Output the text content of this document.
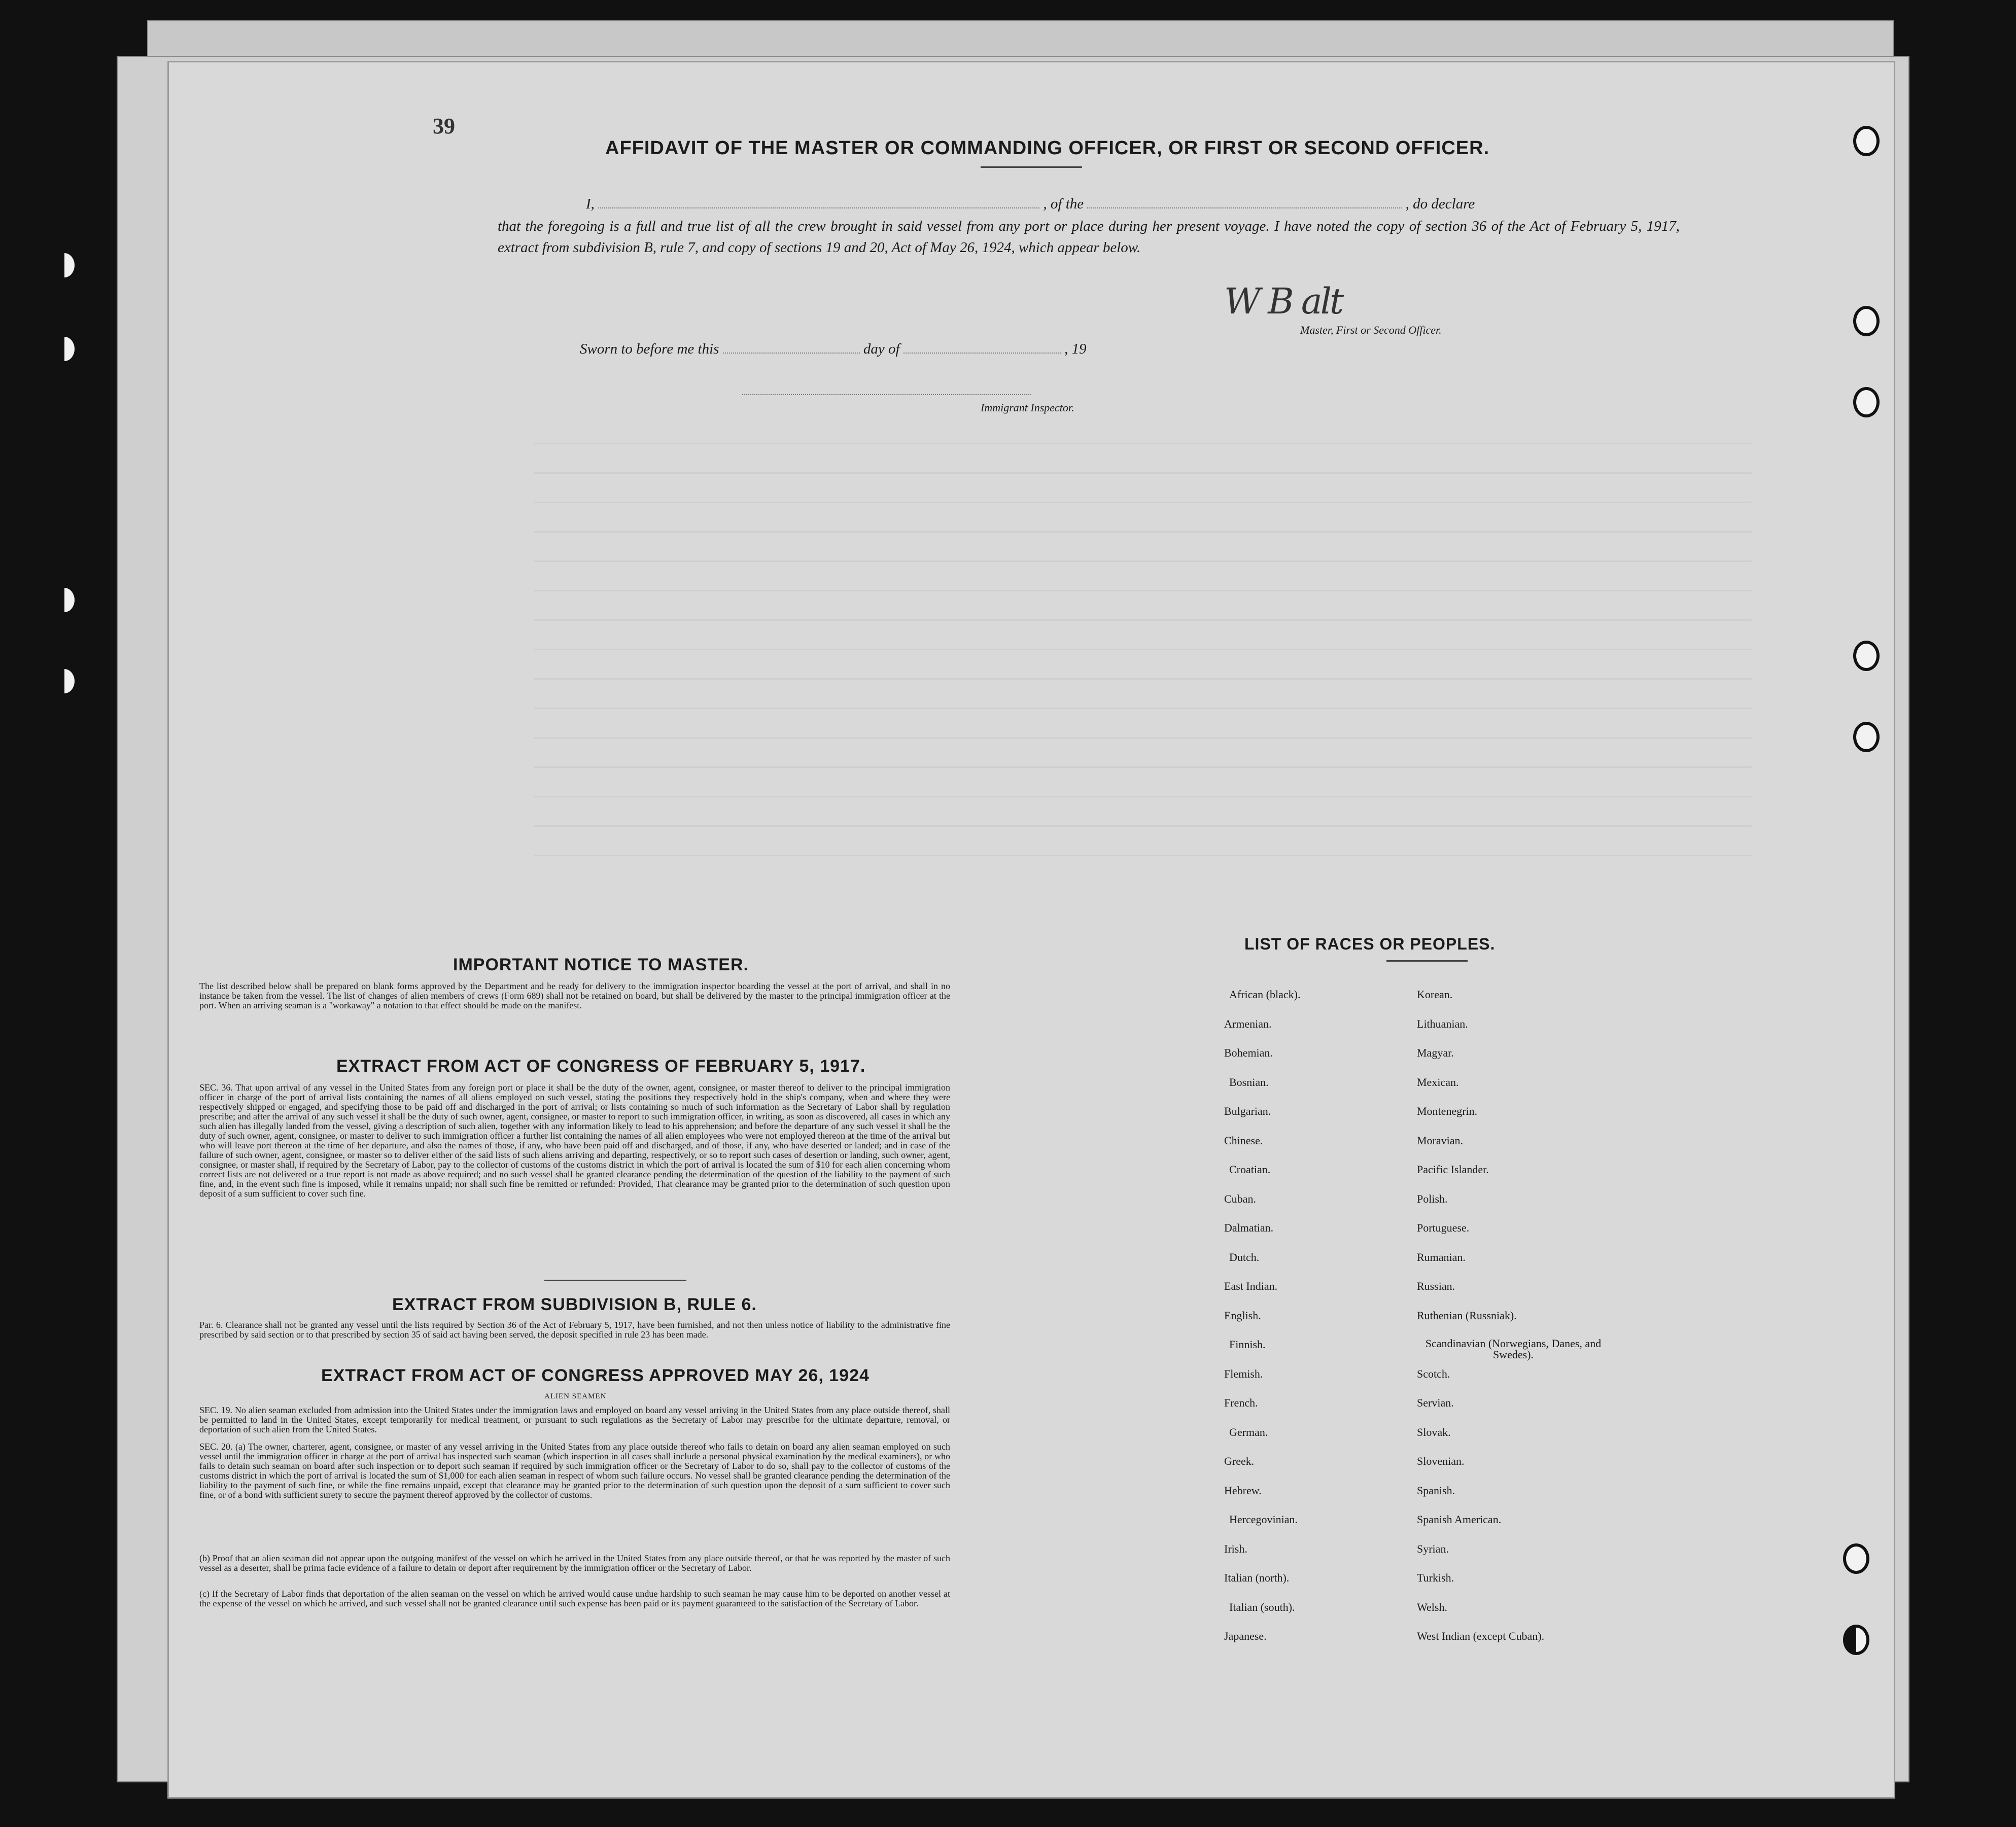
39
AFFIDAVIT OF THE MASTER OR COMMANDING OFFICER, OR FIRST OR SECOND OFFICER.
I,	, of the	, do declare
that the foregoing is a full and true list of all the crew brought in said vessel from any port or place during her present voyage. I have noted the copy of section 36 of the Act of February 5, 1917, extract from subdivision B, rule 7, and copy of sections 19 and 20, Act of May 26, 1924, which appear below.
W B alt
Master, First or Second Officer.
Sworn to before me this	day of	, 19
Immigrant Inspector.
IMPORTANT NOTICE TO MASTER.
The list described below shall be prepared on blank forms approved by the Department and be ready for delivery to the immigration inspector boarding the vessel at the port of arrival, and shall in no instance be taken from the vessel. The list of changes of alien members of crews (Form 689) shall not be retained on board, but shall be delivered by the master to the principal immigration officer at the port. When an arriving seaman is a "workaway" a notation to that effect should be made on the manifest.
EXTRACT FROM ACT OF CONGRESS OF FEBRUARY 5, 1917.
SEC. 36. That upon arrival of any vessel in the United States from any foreign port or place it shall be the duty of the owner, agent, consignee, or master thereof to deliver to the principal immigration officer in charge of the port of arrival lists containing the names of all aliens employed on such vessel, stating the positions they respectively hold in the ship's company, when and where they were respectively shipped or engaged, and specifying those to be paid off and discharged in the port of arrival; or lists containing so much of such information as the Secretary of Labor shall by regulation prescribe; and after the arrival of any such vessel it shall be the duty of such owner, agent, consignee, or master to report to such immigration officer, in writing, as soon as discovered, all cases in which any such alien has illegally landed from the vessel, giving a description of such alien, together with any information likely to lead to his apprehension; and before the departure of any such vessel it shall be the duty of such owner, agent, consignee, or master to deliver to such immigration officer a further list containing the names of all alien employees who were not employed thereon at the time of the arrival but who will leave port thereon at the time of her departure, and also the names of those, if any, who have been paid off and discharged, and of those, if any, who have deserted or landed; and in case of the failure of such owner, agent, consignee, or master so to deliver either of the said lists of such aliens arriving and departing, respectively, or so to report such cases of desertion or landing, such owner, agent, consignee, or master shall, if required by the Secretary of Labor, pay to the collector of customs of the customs district in which the port of arrival is located the sum of $10 for each alien concerning whom correct lists are not delivered or a true report is not made as above required; and no such vessel shall be granted clearance pending the determination of the question of the liability to the payment of such fine, and, in the event such fine is imposed, while it remains unpaid; nor shall such fine be remitted or refunded: Provided, That clearance may be granted prior to the determination of such question upon deposit of a sum sufficient to cover such fine.
EXTRACT FROM SUBDIVISION B, RULE 6.
Par. 6. Clearance shall not be granted any vessel until the lists required by Section 36 of the Act of February 5, 1917, have been furnished, and not then unless notice of liability to the administrative fine prescribed by said section or to that prescribed by section 35 of said act having been served, the deposit specified in rule 23 has been made.
EXTRACT FROM ACT OF CONGRESS APPROVED MAY 26, 1924
ALIEN SEAMEN
SEC. 19. No alien seaman excluded from admission into the United States under the immigration laws and employed on board any vessel arriving in the United States from any place outside thereof, shall be permitted to land in the United States, except temporarily for medical treatment, or pursuant to such regulations as the Secretary of Labor may prescribe for the ultimate departure, removal, or deportation of such alien from the United States.
SEC. 20. (a) The owner, charterer, agent, consignee, or master of any vessel arriving in the United States from any place outside thereof who fails to detain on board any alien seaman employed on such vessel until the immigration officer in charge at the port of arrival has inspected such seaman (which inspection in all cases shall include a personal physical examination by the medical examiners), or who fails to detain such seaman on board after such inspection or to deport such seaman if required by such immigration officer or the Secretary of Labor to do so, shall pay to the collector of customs of the customs district in which the port of arrival is located the sum of $1,000 for each alien seaman in respect of whom such failure occurs. No vessel shall be granted clearance pending the determination of the liability to the payment of such fine, or while the fine remains unpaid, except that clearance may be granted prior to the determination of such question upon the deposit of a sum sufficient to cover such fine, or of a bond with sufficient surety to secure the payment thereof approved by the collector of customs.
(b) Proof that an alien seaman did not appear upon the outgoing manifest of the vessel on which he arrived in the United States from any place outside thereof, or that he was reported by the master of such vessel as a deserter, shall be prima facie evidence of a failure to detain or deport after requirement by the immigration officer or the Secretary of Labor.
(c) If the Secretary of Labor finds that deportation of the alien seaman on the vessel on which he arrived would cause undue hardship to such seaman he may cause him to be deported on another vessel at the expense of the vessel on which he arrived, and such vessel shall not be granted clearance until such expense has been paid or its payment guaranteed to the satisfaction of the Secretary of Labor.
LIST OF RACES OR PEOPLES.
African (black).
Armenian.
Bohemian.
Bosnian.
Bulgarian.
Chinese.
Croatian.
Cuban.
Dalmatian.
Dutch.
East Indian.
English.
Finnish.
Flemish.
French.
German.
Greek.
Hebrew.
Hercegovinian.
Irish.
Italian (north).
Italian (south).
Japanese.
Korean.
Lithuanian.
Magyar.
Mexican.
Montenegrin.
Moravian.
Pacific Islander.
Polish.
Portuguese.
Rumanian.
Russian.
Ruthenian (Russniak).
Scandinavian (Norwegians, Danes, and Swedes).
Scotch.
Servian.
Slovak.
Slovenian.
Spanish.
Spanish American.
Syrian.
Turkish.
Welsh.
West Indian (except Cuban).
